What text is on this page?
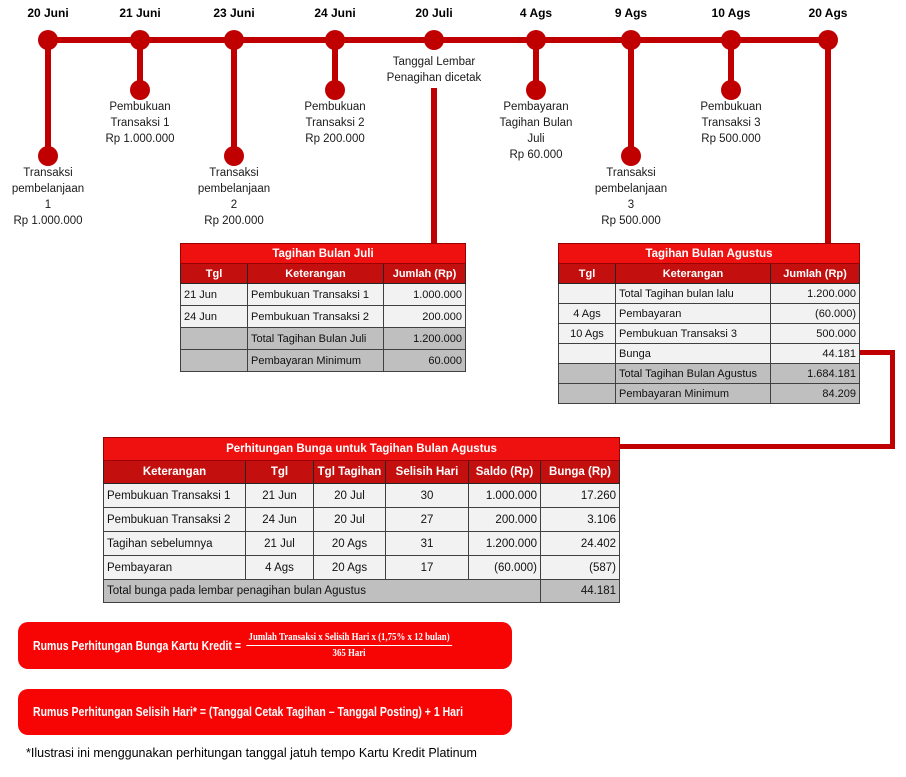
20 Juni
Transaksi
pembelanjaan
1
Rp 1.000.000
21 Juni
Pembukuan
Transaksi 1
Rp 1.000.000
23 Juni
Transaksi
pembelanjaan
2
Rp 200.000
24 Juni
Pembukuan
Transaksi 2
Rp 200.000
20 Juli
Tanggal Lembar
Penagihan dicetak
4 Ags
Pembayaran
Tagihan Bulan
Juli
Rp 60.000
9 Ags
Transaksi
pembelanjaan
3
Rp 500.000
10 Ags
Pembukuan
Transaksi 3
Rp 500.000
20 Ags
Tagihan Bulan Juli		
Tgl	Keterangan	Jumlah (Rp)
21 Jun	Pembukuan Transaksi 1	1.000.000
24 Jun	Pembukuan Transaksi 2	200.000
	Total Tagihan Bulan Juli	1.200.000
	Pembayaran Minimum	60.000
Tagihan Bulan Agustus		
Tgl	Keterangan	Jumlah (Rp)
	Total Tagihan bulan lalu	1.200.000
4 Ags	Pembayaran	(60.000)
10 Ags	Pembukuan Transaksi 3	500.000
	Bunga	44.181
	Total Tagihan Bulan Agustus	1.684.181
	Pembayaran Minimum	84.209
Perhitungan Bunga untuk Tagihan Bulan Agustus					
Keterangan	Tgl	Tgl Tagihan	Selisih Hari	Saldo (Rp)	Bunga (Rp)
Pembukuan Transaksi 1	21 Jun	20 Jul	30	1.000.000	17.260
Pembukuan Transaksi 2	24 Jun	20 Jul	27	200.000	3.106
Tagihan sebelumnya	21 Jul	20 Ags	31	1.200.000	24.402
Pembayaran	4 Ags	20 Ags	17	(60.000)	(587)
Total bunga pada lembar penagihan bulan Agustus					44.181
Rumus Perhitungan Bunga Kartu Kredit = $\frac{\text{Jumlah Transaksi x Selisih Hari x (1,75\% x 12 bulan)}}{\text{365 Hari}}$
Rumus Perhitungan Selisih Hari* = (Tanggal Cetak Tagihan – Tanggal Posting) + 1 Hari
*Ilustrasi ini menggunakan perhitungan tanggal jatuh tempo Kartu Kredit Platinum
